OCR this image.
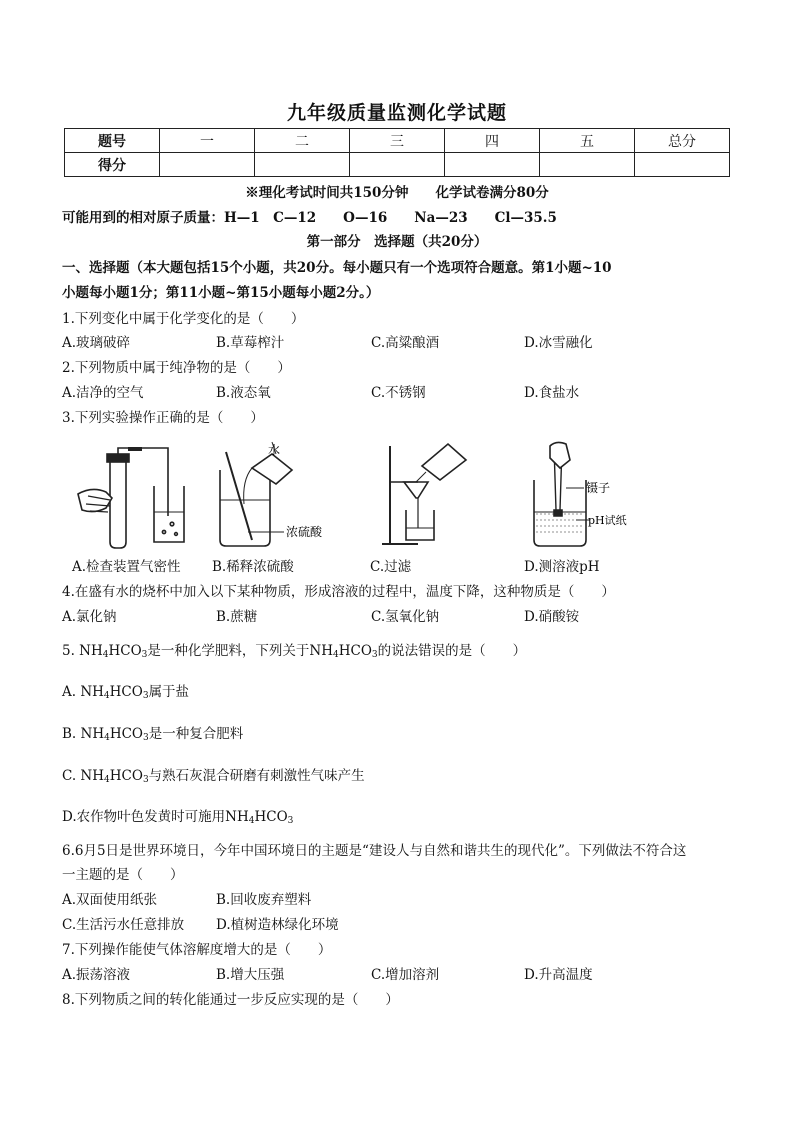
九年级质量监测化学试题
题号	一	二	三	四	五	总分
得分						
※理化考试时间共150分钟　　化学试卷满分80分
可能用到的相对原子质量：H—1　C—12　　O—16　　Na—23　　Cl—35.5
第一部分　选择题（共20分）
一、选择题（本大题包括15个小题，共20分。每小题只有一个选项符合题意。第1小题~10
小题每小题1分；第11小题~第15小题每小题2分。）
1.下列变化中属于化学变化的是（　　）
A.玻璃破碎	B.草莓榨汁	C.高粱酿酒	D.冰雪融化
2.下列物质中属于纯净物的是（　　）
A.洁净的空气	B.液态氧	C.不锈钢	D.食盐水
3.下列实验操作正确的是（　　）
A.检查装置气密性
水
浓硫酸
B.稀释浓硫酸	C.过滤
镊子
pH试纸
D.测溶液pH
4.在盛有水的烧杯中加入以下某种物质，形成溶液的过程中，温度下降，这种物质是（　　）
A.氯化钠	B.蔗糖	C.氢氧化钠	D.硝酸铵
5. $NH_4HCO_3$是一种化学肥料，下列关于$NH_4HCO_3$的说法错误的是（　　）
A. $NH_4HCO_3$属于盐
B. $NH_4HCO_3$是一种复合肥料
C. $NH_4HCO_3$与熟石灰混合研磨有刺激性气味产生
D.农作物叶色发黄时可施用$NH_4HCO_3$
6.6月5日是世界环境日，今年中国环境日的主题是“建设人与自然和谐共生的现代化”。下列做法不符合这
一主题的是（　　）
A.双面使用纸张	B.回收废弃塑料
C.生活污水任意排放 D.植树造林绿化环境
7.下列操作能使气体溶解度增大的是（　　）
A.振荡溶液	B.增大压强	C.增加溶剂	D.升高温度
8.下列物质之间的转化能通过一步反应实现的是（　　）
